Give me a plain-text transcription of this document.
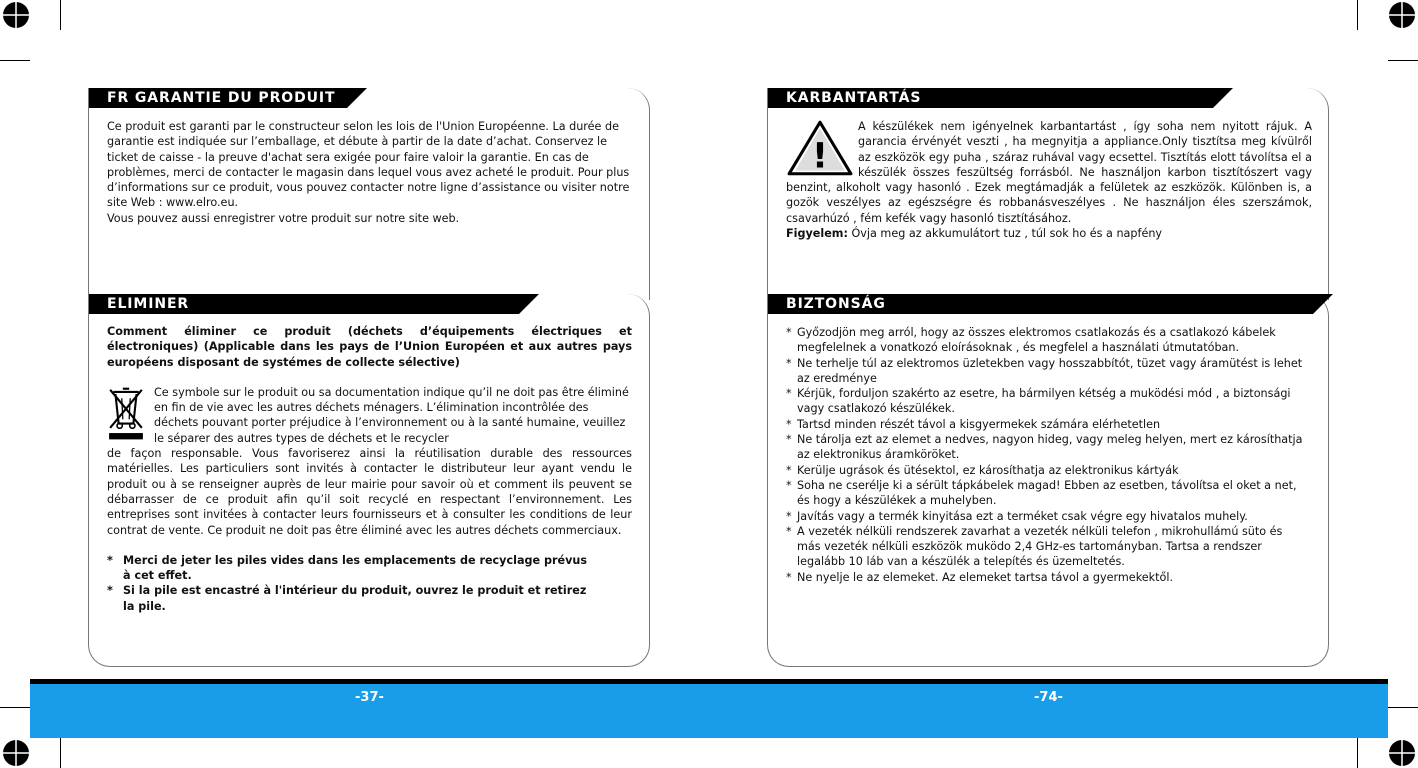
FR GARANTIE DU PRODUIT

Ce produit est garanti par le constructeur selon les lois de l'Union Européenne. La durée de garantie est indiquée sur l’emballage, et débute à partir de la date d’achat. Conservez le ticket de caisse - la preuve d'achat sera exigée pour faire valoir la garantie. En cas de problèmes, merci de contacter le magasin dans lequel vous avez acheté le produit. Pour plus d’informations sur ce produit, vous pouvez contacter notre ligne d’assistance ou visiter notre site Web : www.elro.eu.

Vous pouvez aussi enregistrer votre produit sur notre site web.

ELIMINER

Comment éliminer ce produit (déchets d’équipements électriques et électroniques) (Applicable dans les pays de l’Union Européen et aux autres pays européens disposant de systémes de collecte sélective)

Ce symbole sur le produit ou sa documentation indique qu’il ne doit pas être éliminé en fin de vie avec les autres déchets ménagers. L’élimination incontrôlée des déchets pouvant porter préjudice à l’environnement ou à la santé humaine, veuillez le séparer des autres types de déchets et le recycler

de façon responsable. Vous favoriserez ainsi la réutilisation durable des ressources matérielles. Les particuliers sont invités à contacter le distributeur leur ayant vendu le produit ou à se renseigner auprès de leur mairie pour savoir où et comment ils peuvent se débarrasser de ce produit afin qu’il soit recyclé en respectant l’environnement. Les entreprises sont invitées à contacter leurs fournisseurs et à consulter les conditions de leur contrat de vente. Ce produit ne doit pas être éliminé avec les autres déchets commerciaux.

* Merci de jeter les piles vides dans les emplacements de recyclage prévus à cet effet.
* Si la pile est encastré à l'intérieur du produit, ouvrez le produit et retirez la pile.
KARBANTARTÁS
!

A készülékek nem igényelnek karbantartást , így soha nem nyitott rájuk. A garancia érvényét veszti , ha megnyitja a appliance.Only tisztítsa meg kívülről az eszközök egy puha , száraz ruhával vagy ecsettel. Tisztítás elott távolítsa el a készülék összes feszültség forrásból. Ne használjon karbon tisztítószert vagy benzint, alkoholt vagy hasonló . Ezek megtámadják a felületek az eszközök. Különben is, a gozök veszélyes az egészségre és robbanásveszélyes . Ne használjon éles szerszámok, csavarhúzó , fém kefék vagy hasonló tisztításához.

Figyelem: Óvja meg az akkumulátort tuz , túl sok ho és a napfény

BIZTONSÁG
* Győzodjön meg arról, hogy az összes elektromos csatlakozás és a csatlakozó kábelek megfelelnek a vonatkozó eloírásoknak , és megfelel a használati útmutatóban.
* Ne terhelje túl az elektromos üzletekben vagy hosszabbítót, tüzet vagy áramütést is lehet az eredménye
* Kérjük, forduljon szakérto az esetre, ha bármilyen kétség a muködési mód , a biztonsági vagy csatlakozó készülékek.
* Tartsd minden részét távol a kisgyermekek számára elérhetetlen
* Ne tárolja ezt az elemet a nedves, nagyon hideg, vagy meleg helyen, mert ez károsíthatja az elektronikus áramköröket.
* Kerülje ugrások és ütésektol, ez károsíthatja az elektronikus kártyák
* Soha ne cserélje ki a sérült tápkábelek magad! Ebben az esetben, távolítsa el oket a net, és hogy a készülékek a muhelyben.
* Javítás vagy a termék kinyitása ezt a terméket csak végre egy hivatalos muhely.
* A vezeték nélküli rendszerek zavarhat a vezeték nélküli telefon , mikrohullámú süto és más vezeték nélküli eszközök muködo 2,4 GHz-es tartományban. Tartsa a rendszer legalább 10 láb van a készülék a telepítés és üzemeltetés.
* Ne nyelje le az elemeket. Az elemeket tartsa távol a gyermekektől.
-37-	-74-
